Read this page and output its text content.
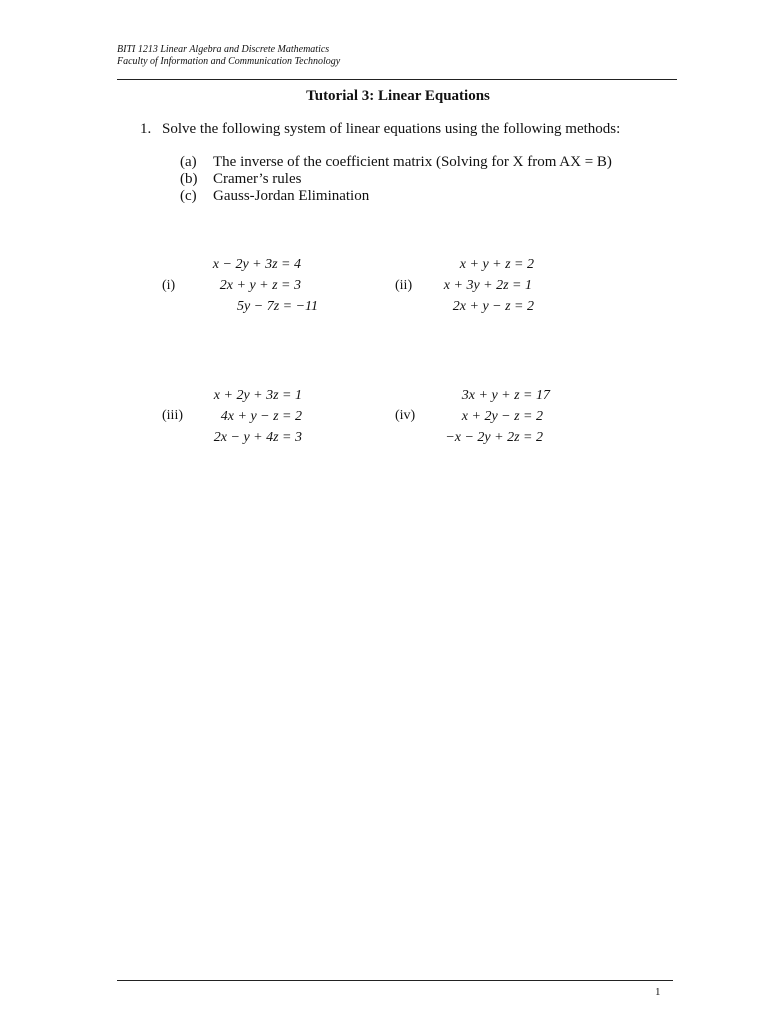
BITI 1213 Linear Algebra and Discrete Mathematics
Faculty of Information and Communication Technology
Tutorial 3: Linear Equations
1. Solve the following system of linear equations using the following methods:
(a)	The inverse of the coefficient matrix (Solving for X from AX = B)
(b)	Cramer’s rules
(c)	Gauss-Jordan Elimination
(i)
x − 2y + 3z = 4
2x + y + z = 3
5y − 7z = −11
(ii)
x + y + z = 2
x + 3y + 2z = 1
2x + y − z = 2
(iii)
x + 2y + 3z = 1
4x + y − z = 2
2x − y + 4z = 3
(iv)
3x + y + z = 17
x + 2y − z = 2
−x − 2y + 2z = 2
1
